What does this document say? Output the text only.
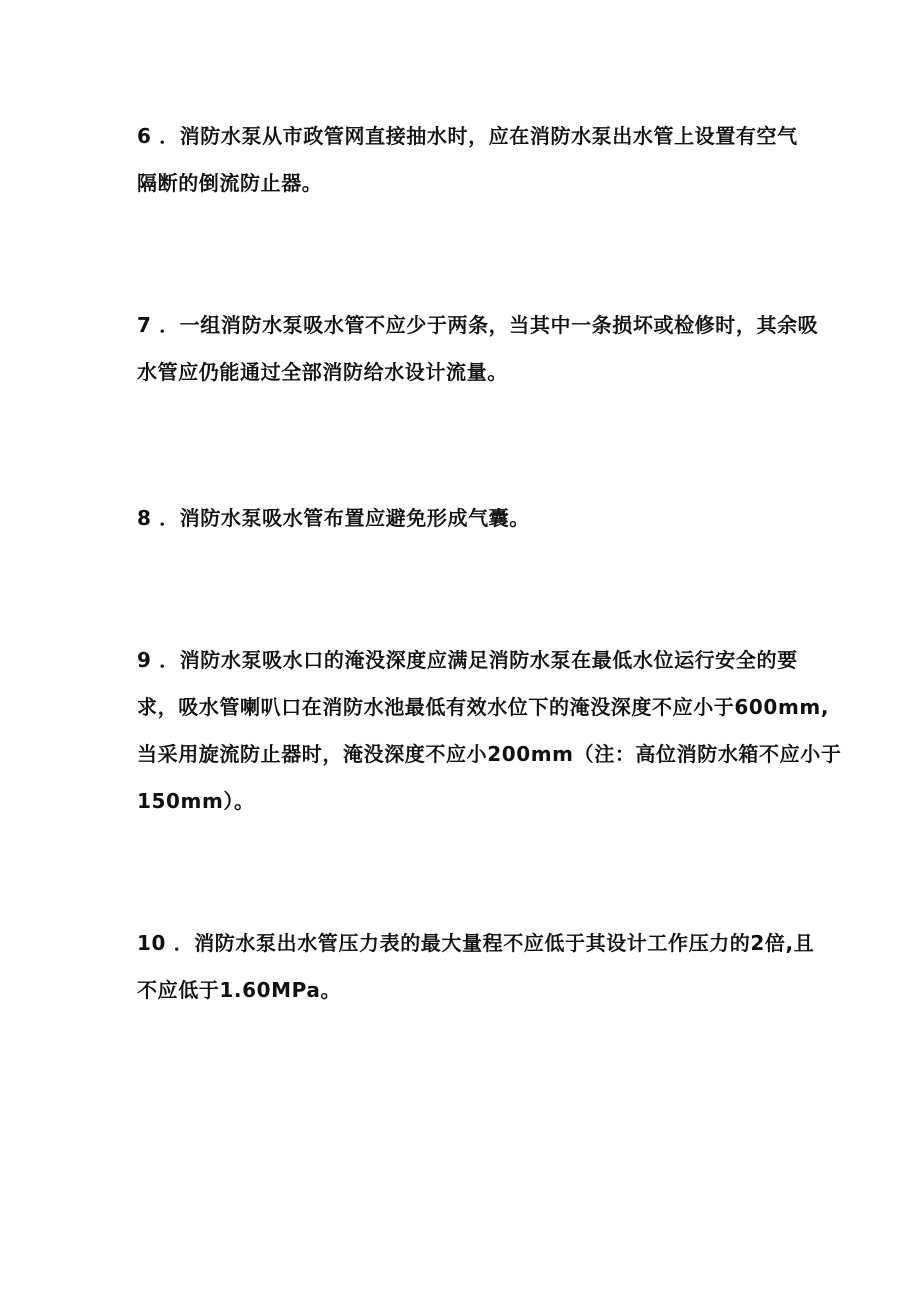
6 ．消防水泵从市政管网直接抽水时，应在消防水泵出水管上设置有空气
隔断的倒流防止器。

7 ．一组消防水泵吸水管不应少于两条，当其中一条损坏或检修时，其余吸
水管应仍能通过全部消防给水设计流量。

8 ．消防水泵吸水管布置应避免形成气囊。

9 ．消防水泵吸水口的淹没深度应满足消防水泵在最低水位运行安全的要
求，吸水管喇叭口在消防水池最低有效水位下的淹没深度不应小于600mm,
当采用旋流防止器时，淹没深度不应小200mm（注：高位消防水箱不应小于
150mm）。

10 ．消防水泵出水管压力表的最大量程不应低于其设计工作压力的2倍,且
不应低于1.60MPa。
